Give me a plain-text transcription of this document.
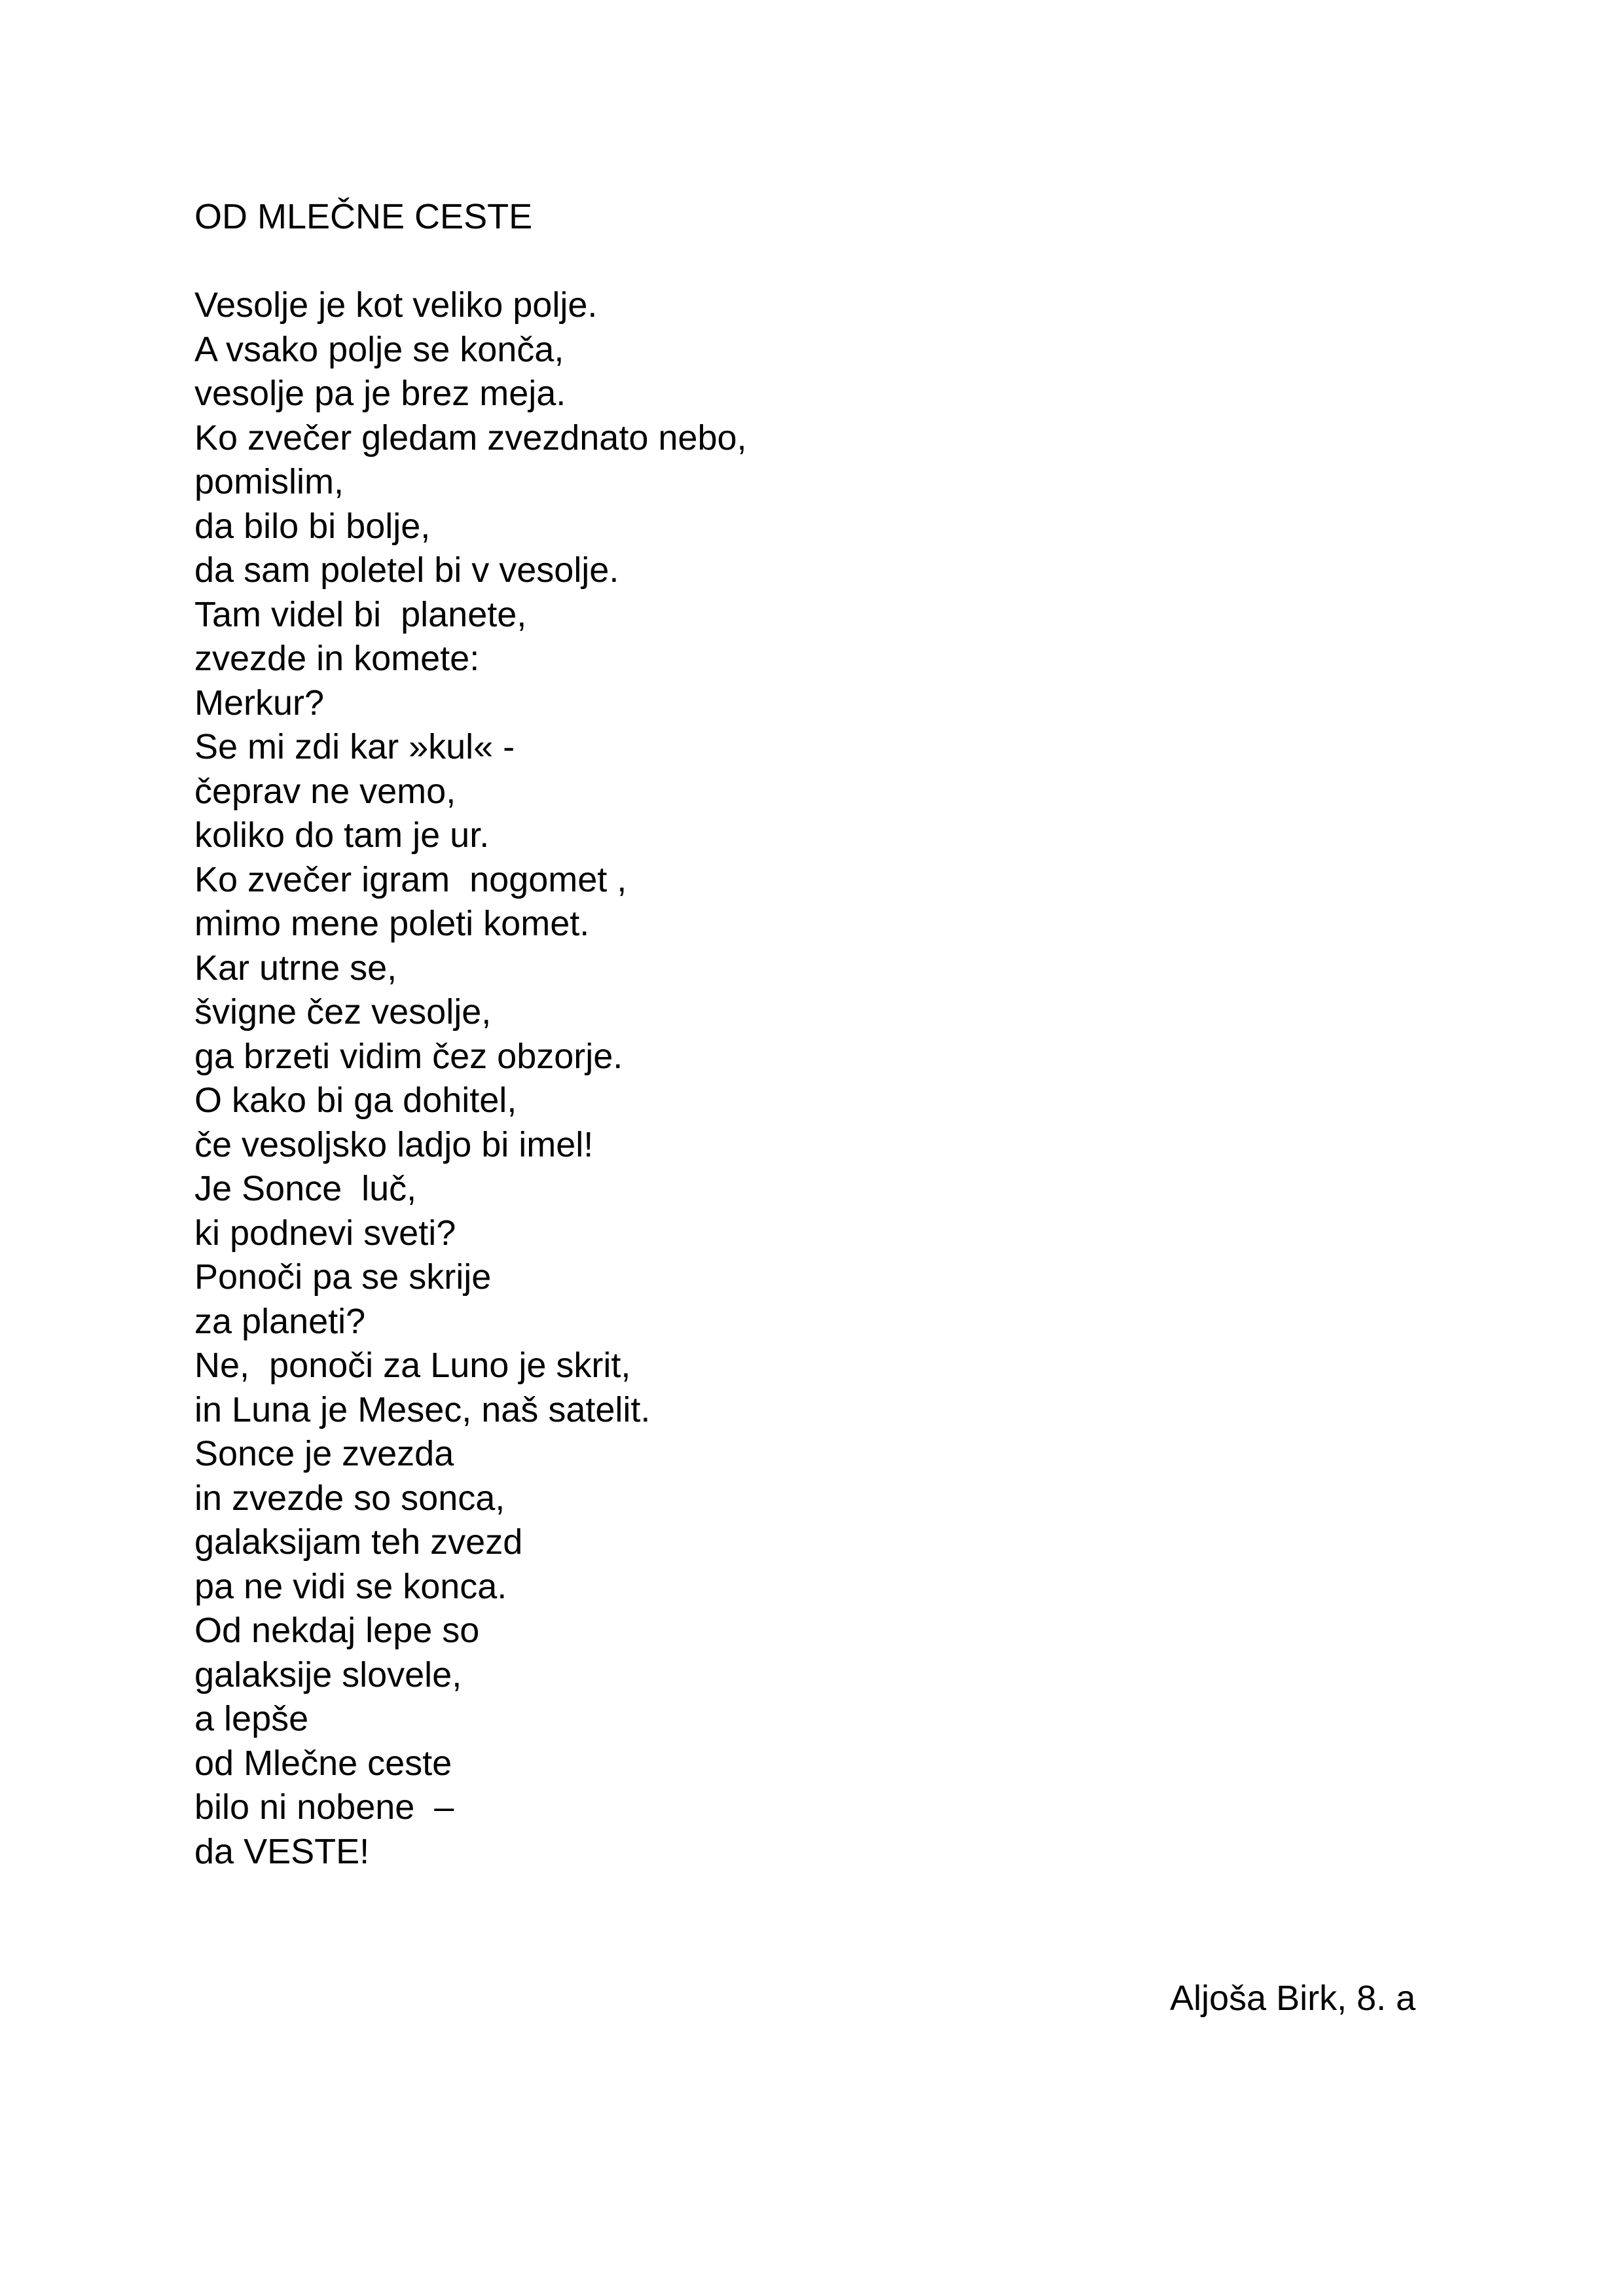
OD MLEČNE CESTE
Vesolje je kot veliko polje.
A vsako polje se konča,
vesolje pa je brez meja.
Ko zvečer gledam zvezdnato nebo,
pomislim,
da bilo bi bolje,
da sam poletel bi v vesolje.
Tam videl bi  planete,
zvezde in komete:
Merkur?
Se mi zdi kar »kul« -
čeprav ne vemo,
koliko do tam je ur.
Ko zvečer igram  nogomet ,
mimo mene poleti komet.
Kar utrne se,
švigne čez vesolje,
ga brzeti vidim čez obzorje.
O kako bi ga dohitel,
če vesoljsko ladjo bi imel!
Je Sonce  luč,
ki podnevi sveti?
Ponoči pa se skrije
za planeti?
Ne,  ponoči za Luno je skrit,
in Luna je Mesec, naš satelit.
Sonce je zvezda
in zvezde so sonca,
galaksijam teh zvezd
pa ne vidi se konca.
Od nekdaj lepe so
galaksije slovele,
a lepše
od Mlečne ceste
bilo ni nobene  –
da VESTE!
Aljoša Birk, 8. a
